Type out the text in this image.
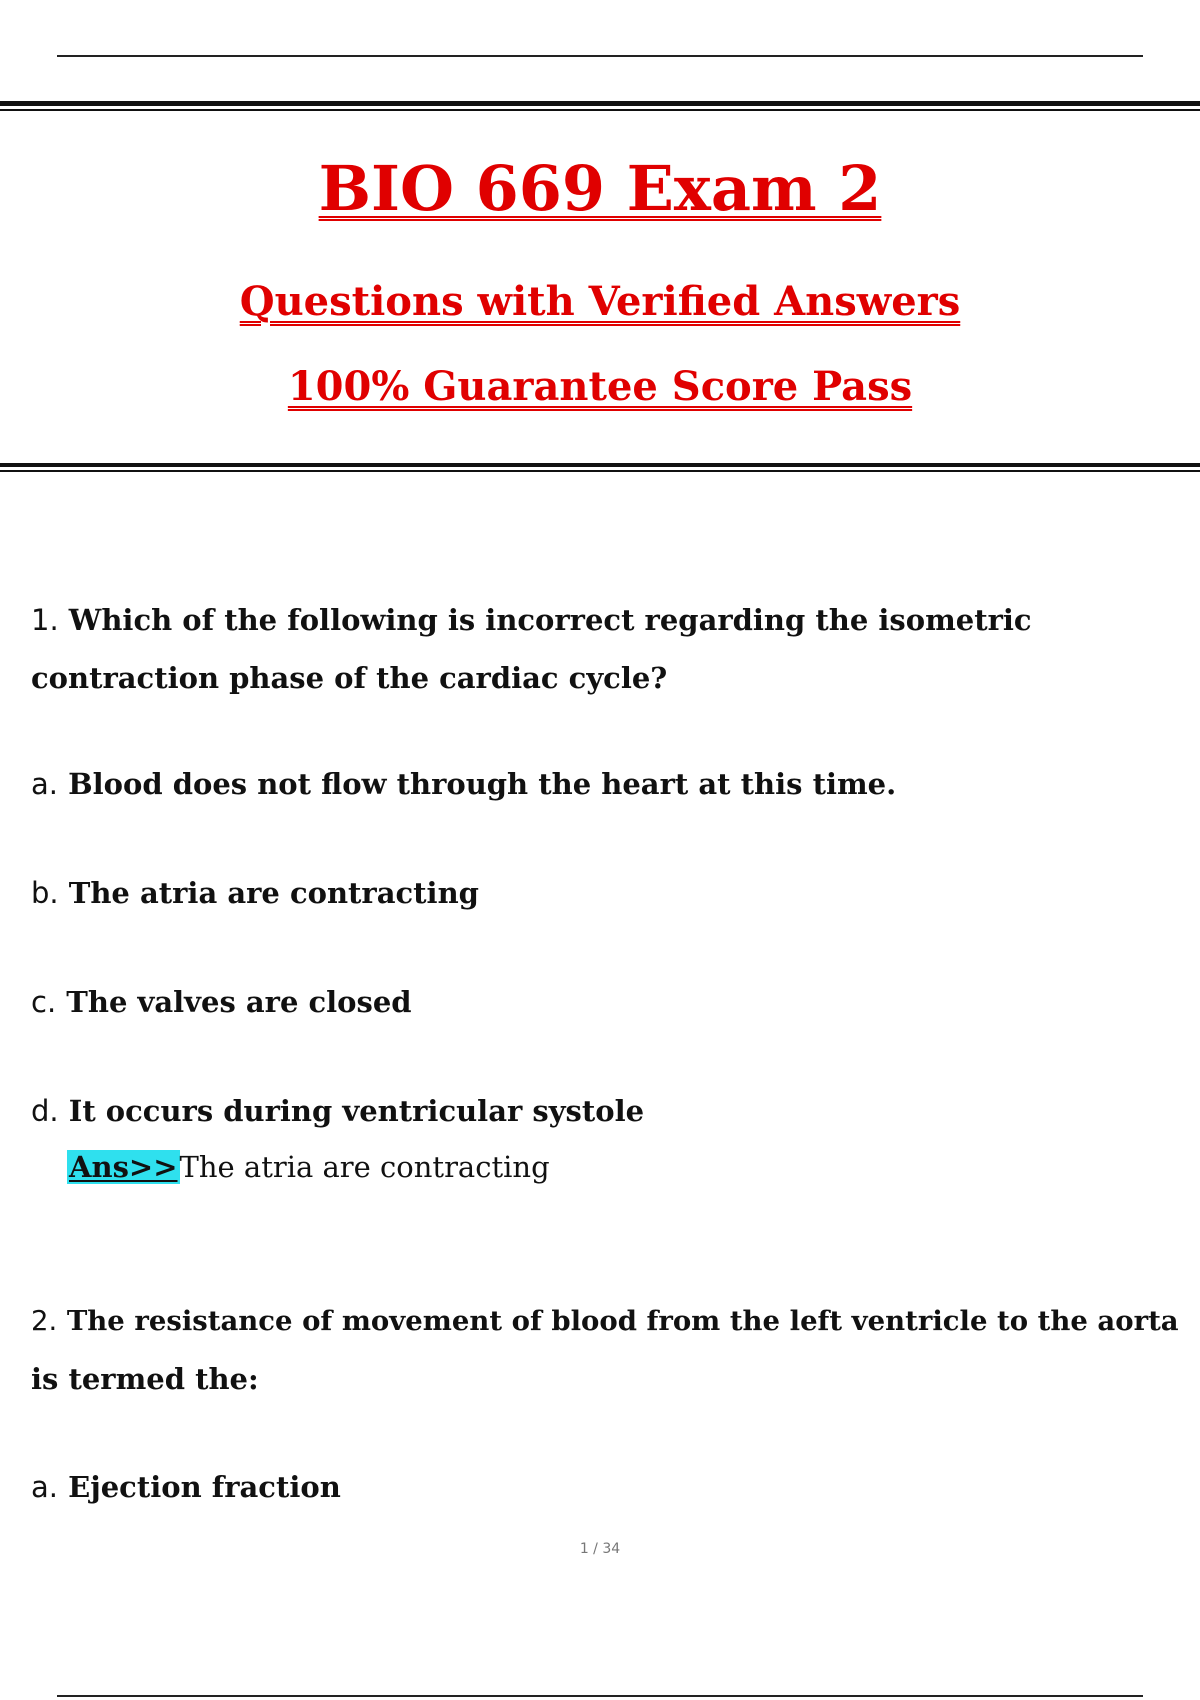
BIO 669 Exam 2
Questions with Verified Answers
100% Guarantee Score Pass

1. Which of the following is incorrect regarding the isometric

contraction phase of the cardiac cycle?

a. Blood does not flow through the heart at this time.

b. The atria are contracting

c. The valves are closed

d. It occurs during ventricular systole

Ans>>The atria are contracting

2. The resistance of movement of blood from the left ventricle to the aorta

is termed the:

a. Ejection fraction

1 / 34
